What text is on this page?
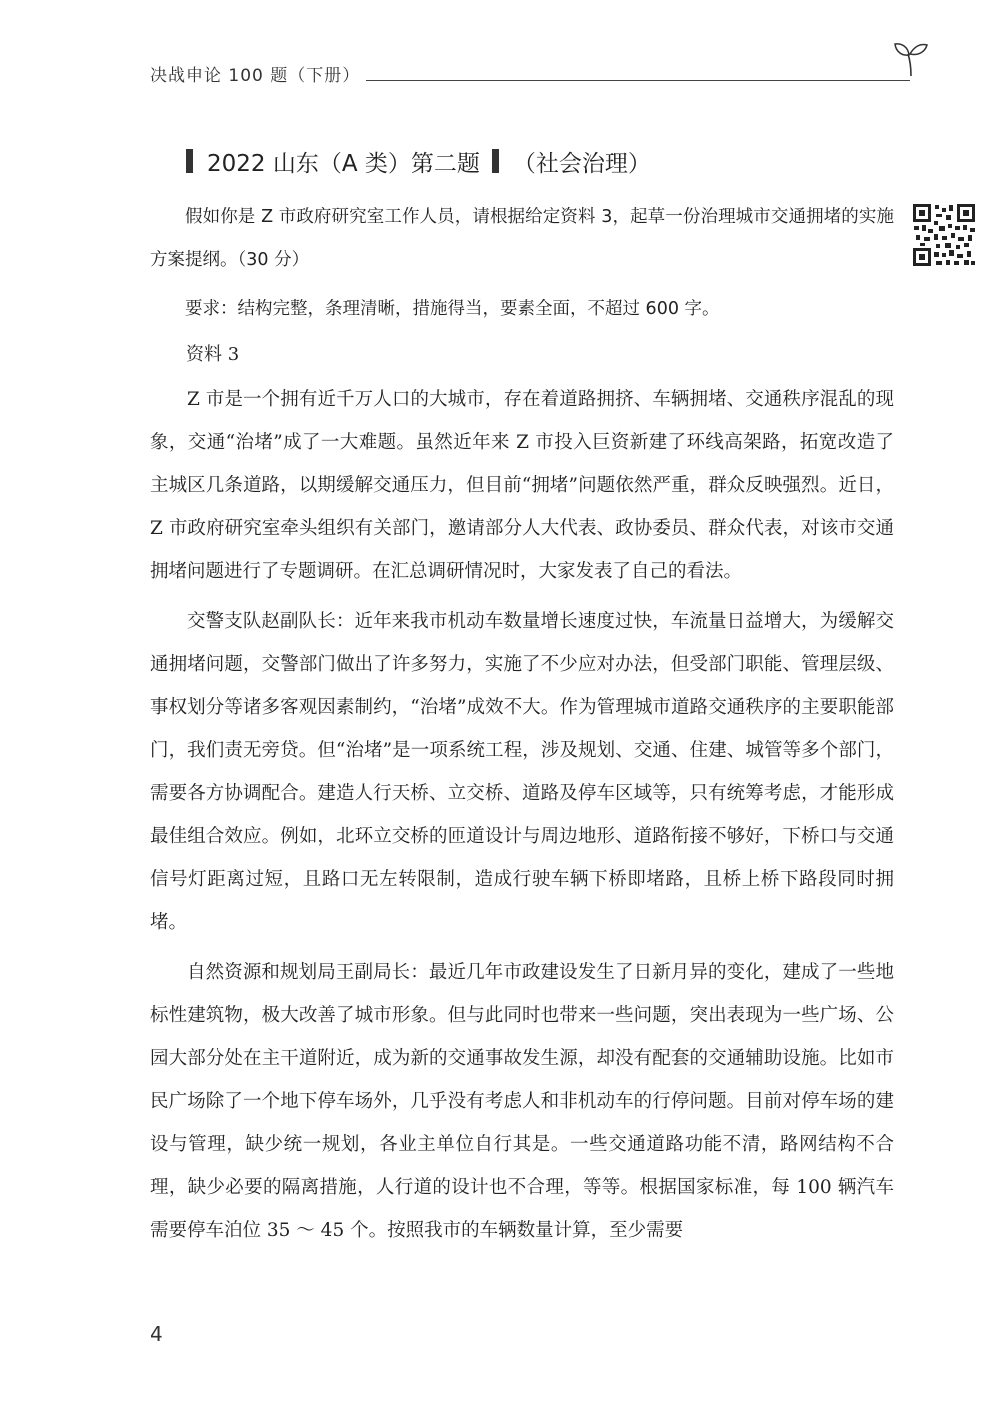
决战申论 100 题（下册）
2022 山东（A 类）第二题 （社会治理）

假如你是 Z 市政府研究室工作人员，请根据给定资料 3，起草一份治理城市交通拥堵的实施方案提纲。（30 分）

要求：结构完整，条理清晰，措施得当，要素全面，不超过 600 字。

资料 3

Z 市是一个拥有近千万人口的大城市，存在着道路拥挤、车辆拥堵、交通秩序混乱的现象，交通“治堵”成了一大难题。虽然近年来 Z 市投入巨资新建了环线高架路，拓宽改造了主城区几条道路，以期缓解交通压力，但目前“拥堵”问题依然严重，群众反映强烈。近日，Z 市政府研究室牵头组织有关部门，邀请部分人大代表、政协委员、群众代表，对该市交通拥堵问题进行了专题调研。在汇总调研情况时，大家发表了自己的看法。

交警支队赵副队长：近年来我市机动车数量增长速度过快，车流量日益增大，为缓解交通拥堵问题，交警部门做出了许多努力，实施了不少应对办法，但受部门职能、管理层级、事权划分等诸多客观因素制约，“治堵”成效不大。作为管理城市道路交通秩序的主要职能部门，我们责无旁贷。但“治堵”是一项系统工程，涉及规划、交通、住建、城管等多个部门，需要各方协调配合。建造人行天桥、立交桥、道路及停车区域等，只有统筹考虑，才能形成最佳组合效应。例如，北环立交桥的匝道设计与周边地形、道路衔接不够好，下桥口与交通信号灯距离过短，且路口无左转限制，造成行驶车辆下桥即堵路，且桥上桥下路段同时拥堵。

自然资源和规划局王副局长：最近几年市政建设发生了日新月异的变化，建成了一些地标性建筑物，极大改善了城市形象。但与此同时也带来一些问题，突出表现为一些广场、公园大部分处在主干道附近，成为新的交通事故发生源，却没有配套的交通辅助设施。比如市民广场除了一个地下停车场外，几乎没有考虑人和非机动车的行停问题。目前对停车场的建设与管理，缺少统一规划，各业主单位自行其是。一些交通道路功能不清，路网结构不合理，缺少必要的隔离措施，人行道的设计也不合理，等等。根据国家标准，每 100 辆汽车需要停车泊位 35 ～ 45 个。按照我市的车辆数量计算，至少需要

4
